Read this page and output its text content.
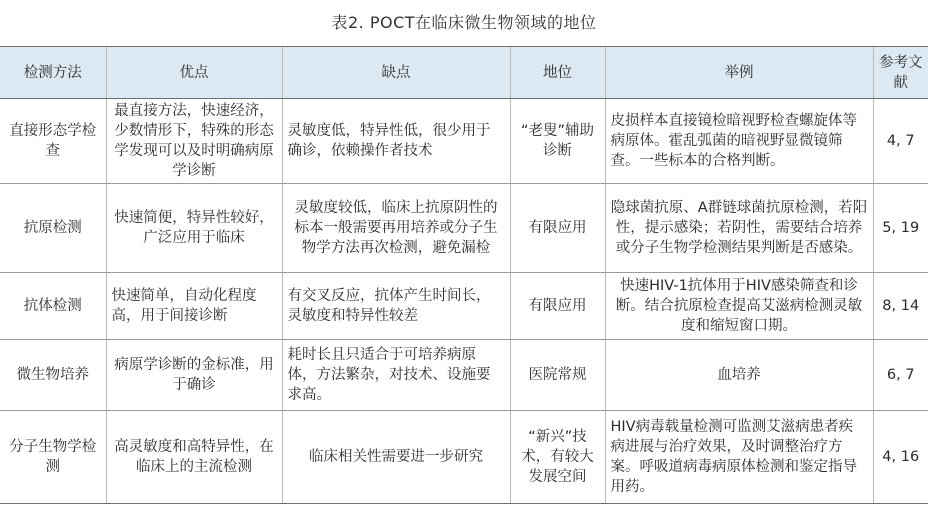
表2. POCT在临床微生物领域的地位
检测方法	优点	缺点	地位	举例	参考文献
直接形态学检查	最直接方法，快速经济，少数情形下，特殊的形态学发现可以及时明确病原学诊断	灵敏度低，特异性低，很少用于确诊，依赖操作者技术	“老叟”辅助诊断	皮损样本直接镜检暗视野检查螺旋体等病原体。霍乱弧菌的暗视野显微镜筛查。一些标本的合格判断。	4, 7
抗原检测	快速简便，特异性较好，广泛应用于临床	灵敏度较低，临床上抗原阴性的标本一般需要再用培养或分子生物学方法再次检测，避免漏检	有限应用	隐球菌抗原、A群链球菌抗原检测，若阳性，提示感染；若阴性，需要结合培养或分子生物学检测结果判断是否感染。	5, 19
抗体检测	快速简单，自动化程度高，用于间接诊断	有交叉反应，抗体产生时间长，灵敏度和特异性较差	有限应用	快速HIV-1抗体用于HIV感染筛查和诊断。结合抗原检查提高艾滋病检测灵敏度和缩短窗口期。	8, 14
微生物培养	病原学诊断的金标准，用于确诊	耗时长且只适合于可培养病原体，方法繁杂，对技术、设施要求高。	医院常规	血培养	6, 7
分子生物学检测	高灵敏度和高特异性，在临床上的主流检测	临床相关性需要进一步研究	“新兴”技术，有较大发展空间	HIV病毒载量检测可监测艾滋病患者疾病进展与治疗效果，及时调整治疗方案。呼吸道病毒病原体检测和鉴定指导用药。	4, 16
